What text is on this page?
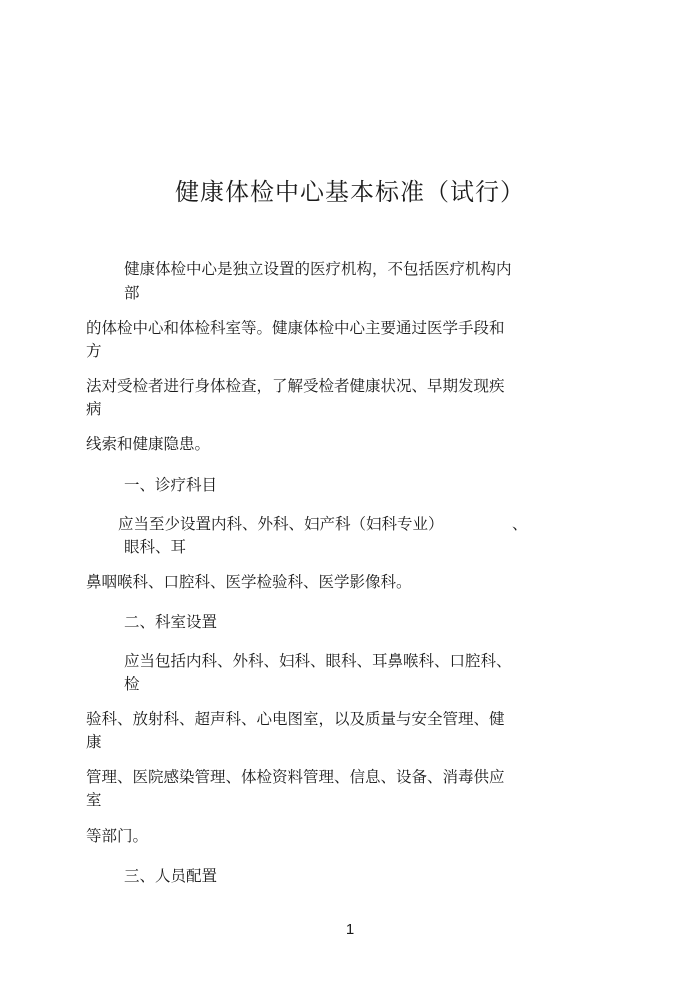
健康体检中心基本标准（试行）
健康体检中心是独立设置的医疗机构，不包括医疗机构内
部
的体检中心和体检科室等。健康体检中心主要通过医学手段和
方
法对受检者进行身体检查，了解受检者健康状况、早期发现疾
病
线索和健康隐患。
一、诊疗科目
应当至少设置内科、外科、妇产科（妇科专业）	、
眼科、耳
鼻咽喉科、口腔科、医学检验科、医学影像科。
二、科室设置
应当包括内科、外科、妇科、眼科、耳鼻喉科、口腔科、
检
验科、放射科、超声科、心电图室，以及质量与安全管理、健
康
管理、医院感染管理、体检资料管理、信息、设备、消毒供应
室
等部门。
三、人员配置
1
